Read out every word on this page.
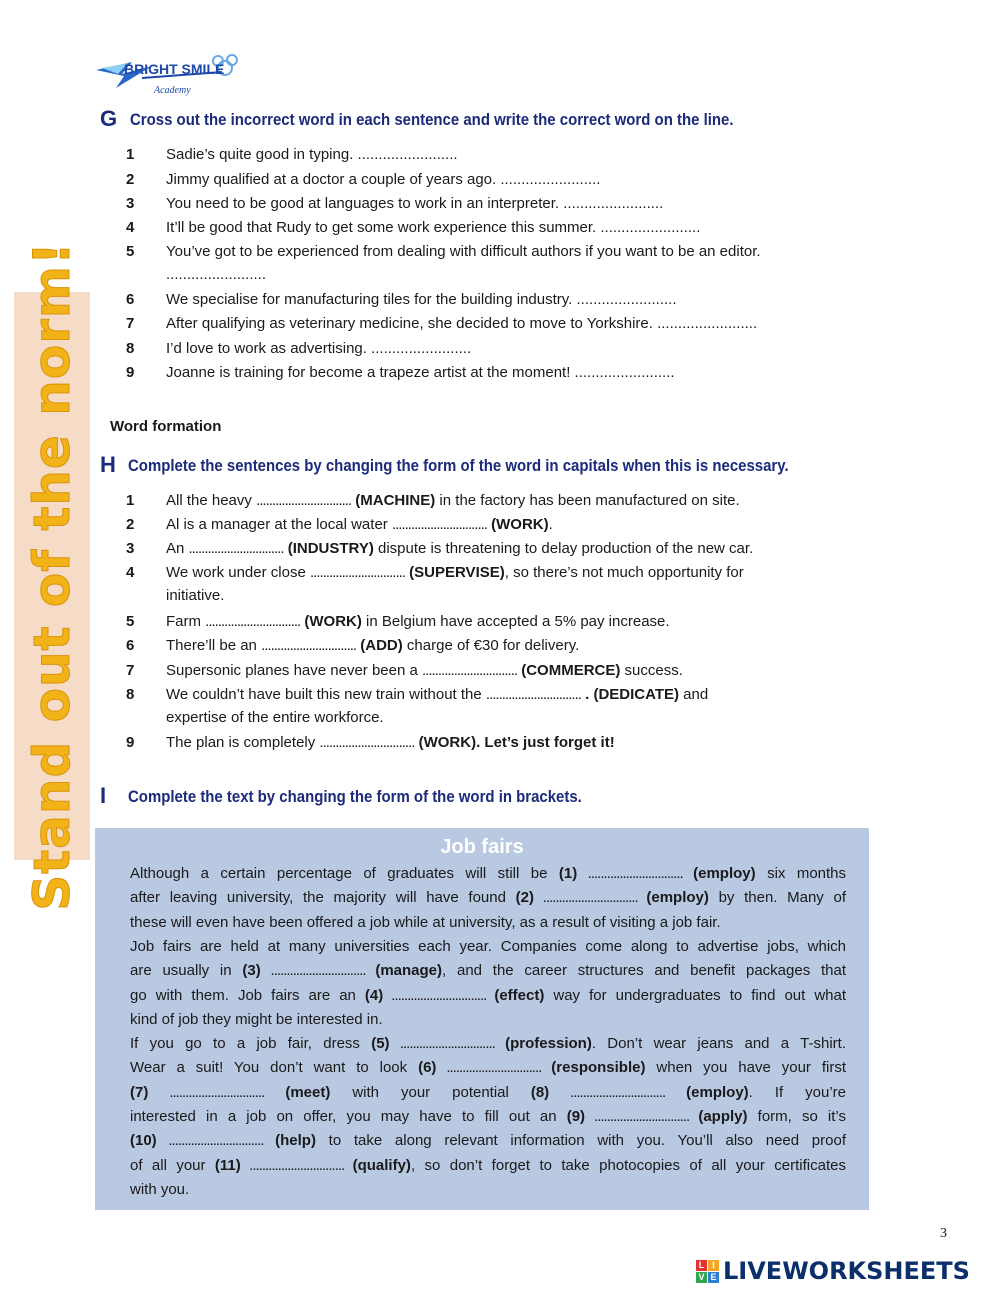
BRIGHT SMILE
Academy
Stand out of the norm!
G Cross out the incorrect word in each sentence and write the correct word on the line.
1	Sadie’s quite good in typing. ........................
2	Jimmy qualified at a doctor a couple of years ago. ........................
3	You need to be good at languages to work in an interpreter. ........................
4	It’ll be good that Rudy to get some work experience this summer. ........................
5	You’ve got to be experienced from dealing with difficult authors if you want to be an editor.
........................
6	We specialise for manufacturing tiles for the building industry. ........................
7	After qualifying as veterinary medicine, she decided to move to Yorkshire. ........................
8	I’d love to work as advertising. ........................
9	Joanne is training for become a trapeze artist at the moment! ........................
Word formation
H Complete the sentences by changing the form of the word in capitals when this is necessary.
1	All the heavy .............................. (MACHINE) in the factory has been manufactured on site.
2	Al is a manager at the local water .............................. (WORK).
3	An .............................. (INDUSTRY) dispute is threatening to delay production of the new car.
4	We work under close .............................. (SUPERVISE), so there’s not much opportunity for
initiative.
5	Farm .............................. (WORK) in Belgium have accepted a 5% pay increase.
6	There’ll be an .............................. (ADD) charge of €30 for delivery.
7	Supersonic planes have never been a .............................. (COMMERCE) success.
8	We couldn’t have built this new train without the .............................. . (DEDICATE) and
expertise of the entire workforce.
9	The plan is completely .............................. (WORK). Let’s just forget it!
I Complete the text by changing the form of the word in brackets.
Job fairs
Although a certain percentage of graduates will still be (1) .............................. (employ) six months
after leaving university, the majority will have found (2) .............................. (employ) by then. Many of
these will even have been offered a job while at university, as a result of visiting a job fair.
Job fairs are held at many universities each year. Companies come along to advertise jobs, which
are usually in (3) .............................. (manage), and the career structures and benefit packages that
go with them. Job fairs are an (4) .............................. (effect) way for undergraduates to find out what
kind of job they might be interested in.
If you go to a job fair, dress (5) .............................. (profession). Don’t wear jeans and a T-shirt.
Wear a suit! You don’t want to look (6) .............................. (responsible) when you have your first
(7) .............................. (meet) with your potential (8) .............................. (employ). If you’re
interested in a job on offer, you may have to fill out an (9) .............................. (apply) form, so it’s
(10) .............................. (help) to take along relevant information with you. You’ll also need proof
of all your (11) .............................. (qualify), so don’t forget to take photocopies of all your certificates
with you.
3
L I
V E LIVEWORKSHEETS
